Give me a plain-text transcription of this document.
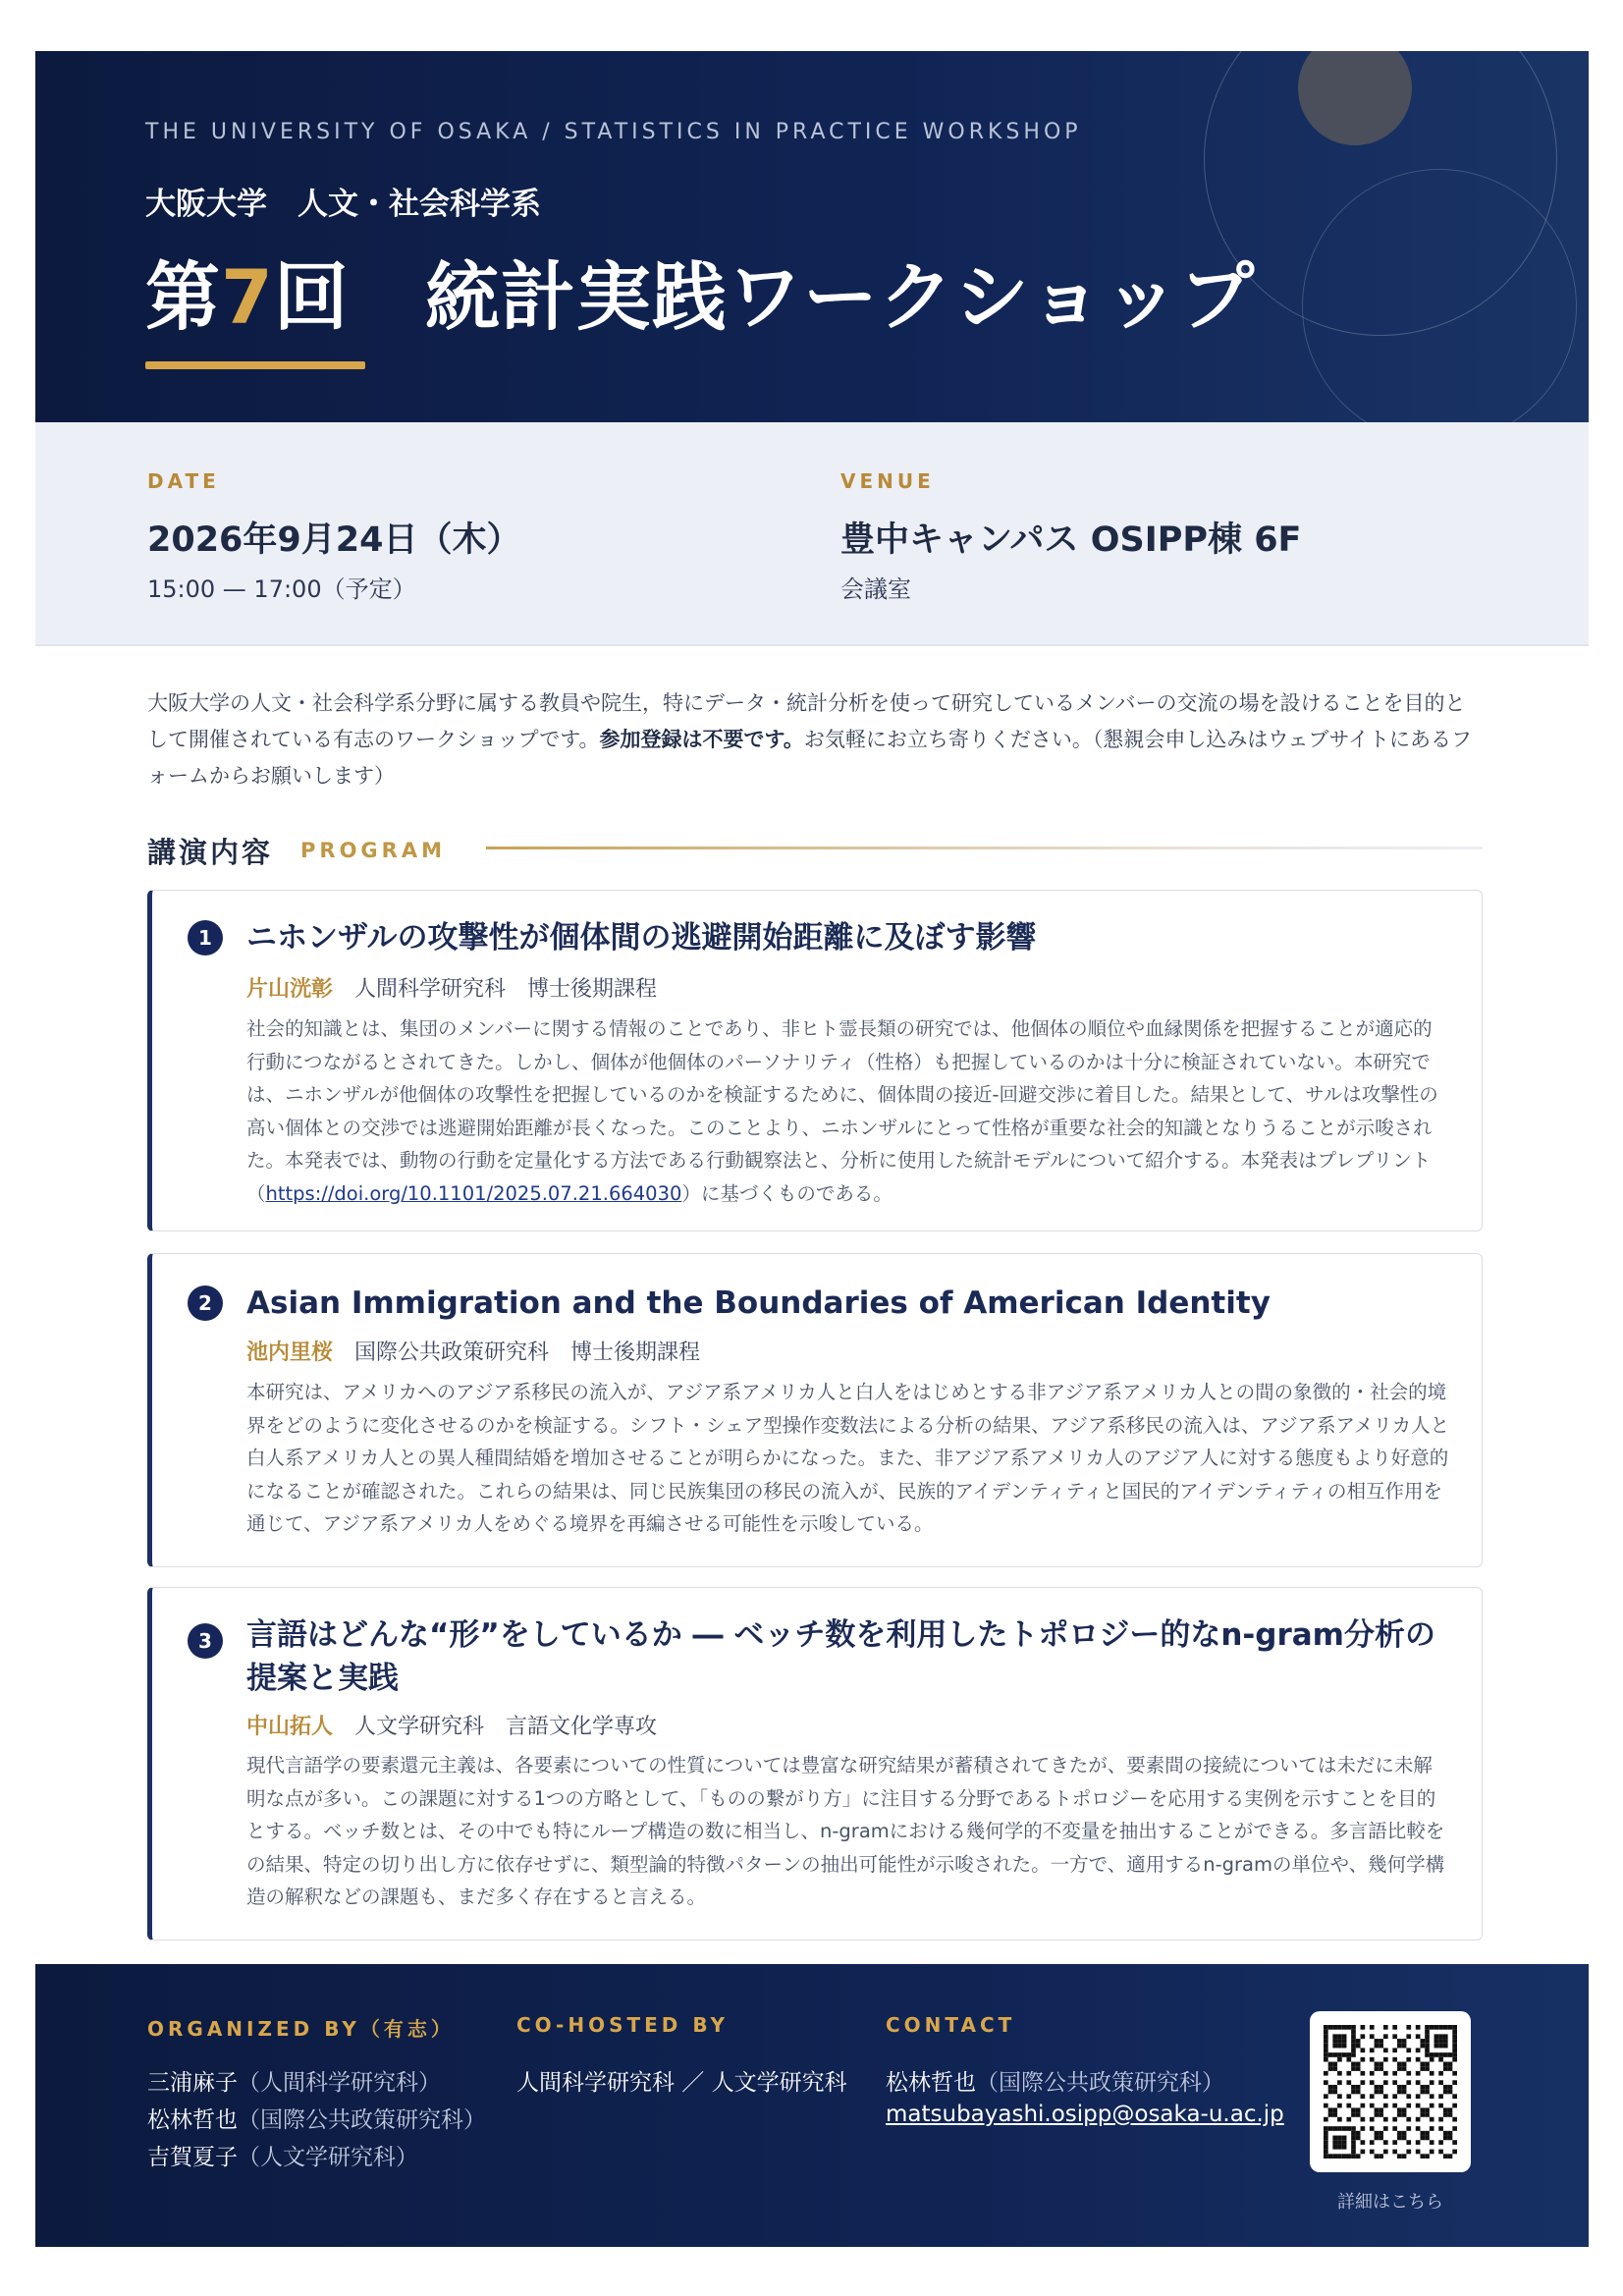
THE UNIVERSITY OF OSAKA / STATISTICS IN PRACTICE WORKSHOP
大阪大学　人文・社会科学系
第7回　統計実践ワークショップ
DATE
2026年9月24日（木）
15:00 — 17:00（予定）
VENUE
豊中キャンパス OSIPP棟 6F
会議室
大阪大学の人文・社会科学系分野に属する教員や院生，特にデータ・統計分析を使って研究しているメンバーの交流の場を設けることを目的として開催されている有志のワークショップです。参加登録は不要です。お気軽にお立ち寄りください。（懇親会申し込みはウェブサイトにあるフォームからお願いします）
講演内容 PROGRAM
1	ニホンザルの攻撃性が個体間の逃避開始距離に及ぼす影響
片山洸彰 人間科学研究科 博士後期課程
社会的知識とは、集団のメンバーに関する情報のことであり、非ヒト霊長類の研究では、他個体の順位や血縁関係を把握することが適応的行動につながるとされてきた。しかし、個体が他個体のパーソナリティ（性格）も把握しているのかは十分に検証されていない。本研究では、ニホンザルが他個体の攻撃性を把握しているのかを検証するために、個体間の接近-回避交渉に着目した。結果として、サルは攻撃性の高い個体との交渉では逃避開始距離が長くなった。このことより、ニホンザルにとって性格が重要な社会的知識となりうることが示唆された。本発表では、動物の行動を定量化する方法である行動観察法と、分析に使用した統計モデルについて紹介する。本発表はプレプリント（https://doi.org/10.1101/2025.07.21.664030）に基づくものである。
2	Asian Immigration and the Boundaries of American Identity
池内里桜 国際公共政策研究科 博士後期課程
本研究は、アメリカへのアジア系移民の流入が、アジア系アメリカ人と白人をはじめとする非アジア系アメリカ人との間の象徴的・社会的境界をどのように変化させるのかを検証する。シフト・シェア型操作変数法による分析の結果、アジア系移民の流入は、アジア系アメリカ人と白人系アメリカ人との異人種間結婚を増加させることが明らかになった。また、非アジア系アメリカ人のアジア人に対する態度もより好意的になることが確認された。これらの結果は、同じ民族集団の移民の流入が、民族的アイデンティティと国民的アイデンティティの相互作用を通じて、アジア系アメリカ人をめぐる境界を再編させる可能性を示唆している。
3	言語はどんな“形”をしているか ― ベッチ数を利用したトポロジー的なn-gram分析の提案と実践
中山拓人 人文学研究科 言語文化学専攻
現代言語学の要素還元主義は、各要素についての性質については豊富な研究結果が蓄積されてきたが、要素間の接続については未だに未解明な点が多い。この課題に対する1つの方略として、「ものの繋がり方」に注目する分野であるトポロジーを応用する実例を示すことを目的とする。ベッチ数とは、その中でも特にループ構造の数に相当し、n-gramにおける幾何学的不変量を抽出することができる。多言語比較をの結果、特定の切り出し方に依存せずに、類型論的特徴パターンの抽出可能性が示唆された。一方で、適用するn-gramの単位や、幾何学構造の解釈などの課題も、まだ多く存在すると言える。
ORGANIZED BY（有志）
三浦麻子（人間科学研究科）
松林哲也（国際公共政策研究科）
吉賀夏子（人文学研究科）
CO-HOSTED BY
人間科学研究科 ／ 人文学研究科
CONTACT
松林哲也（国際公共政策研究科）
matsubayashi.osipp@osaka-u.ac.jp
詳細はこちら
